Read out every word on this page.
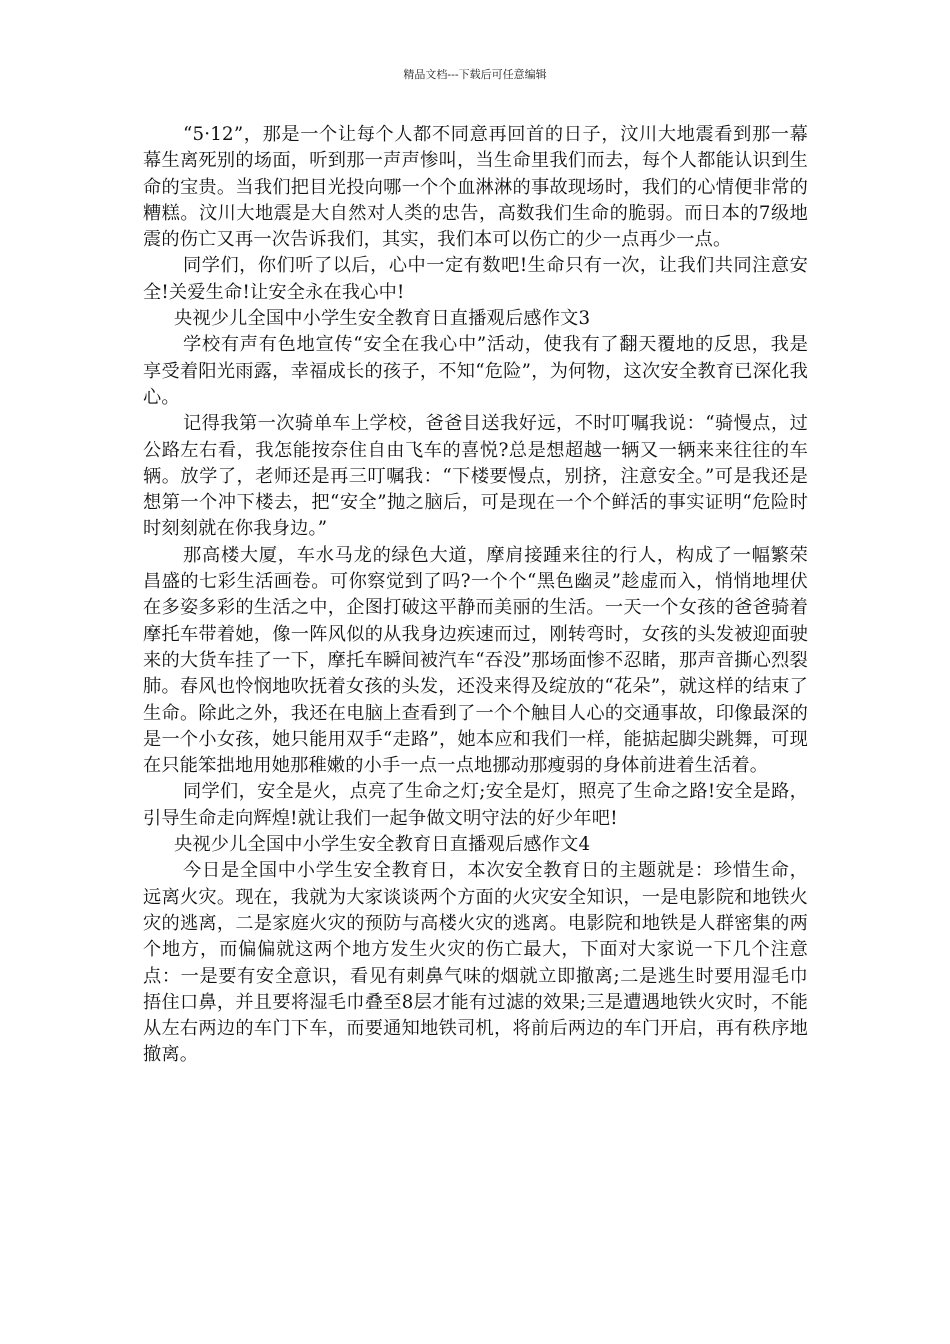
精品文档---下载后可任意编辑

“5·12”，那是一个让每个人都不同意再回首的日子，汶川大地震看到那一幕幕生离死别的场面，听到那一声声惨叫，当生命里我们而去，每个人都能认识到生命的宝贵。当我们把目光投向哪一个个血淋淋的事故现场时，我们的心情便非常的糟糕。汶川大地震是大自然对人类的忠告，高数我们生命的脆弱。而日本的7级地震的伤亡又再一次告诉我们，其实，我们本可以伤亡的少一点再少一点。

同学们，你们听了以后，心中一定有数吧!生命只有一次，让我们共同注意安全!关爱生命!让安全永在我心中!

央视少儿全国中小学生安全教育日直播观后感作文3

学校有声有色地宣传“安全在我心中”活动，使我有了翻天覆地的反思，我是享受着阳光雨露，幸福成长的孩子，不知“危险”，为何物，这次安全教育已深化我心。

记得我第一次骑单车上学校，爸爸目送我好远，不时叮嘱我说：“骑慢点，过公路左右看，我怎能按奈住自由飞车的喜悦?总是想超越一辆又一辆来来往往的车辆。放学了，老师还是再三叮嘱我：“下楼要慢点，别挤，注意安全。”可是我还是想第一个冲下楼去，把“安全”抛之脑后，可是现在一个个鲜活的事实证明“危险时时刻刻就在你我身边。”

那高楼大厦，车水马龙的绿色大道，摩肩接踵来往的行人，构成了一幅繁荣昌盛的七彩生活画卷。可你察觉到了吗?一个个“黑色幽灵”趁虚而入，悄悄地埋伏在多姿多彩的生活之中，企图打破这平静而美丽的生活。一天一个女孩的爸爸骑着摩托车带着她，像一阵风似的从我身边疾速而过，刚转弯时，女孩的头发被迎面驶来的大货车挂了一下，摩托车瞬间被汽车“吞没”那场面惨不忍睹，那声音撕心烈裂肺。春风也怜悯地吹抚着女孩的头发，还没来得及绽放的“花朵”，就这样的结束了生命。除此之外，我还在电脑上查看到了一个个触目人心的交通事故，印像最深的是一个小女孩，她只能用双手“走路”，她本应和我们一样，能掂起脚尖跳舞，可现在只能笨拙地用她那稚嫩的小手一点一点地挪动那瘦弱的身体前进着生活着。

同学们，安全是火，点亮了生命之灯;安全是灯，照亮了生命之路!安全是路，引导生命走向辉煌!就让我们一起争做文明守法的好少年吧!

央视少儿全国中小学生安全教育日直播观后感作文4

今日是全国中小学生安全教育日，本次安全教育日的主题就是：珍惜生命，远离火灾。现在，我就为大家谈谈两个方面的火灾安全知识，一是电影院和地铁火灾的逃离，二是家庭火灾的预防与高楼火灾的逃离。电影院和地铁是人群密集的两个地方，而偏偏就这两个地方发生火灾的伤亡最大，下面对大家说一下几个注意点：一是要有安全意识，看见有刺鼻气味的烟就立即撤离;二是逃生时要用湿毛巾捂住口鼻，并且要将湿毛巾叠至8层才能有过滤的效果;三是遭遇地铁火灾时，不能从左右两边的车门下车，而要通知地铁司机，将前后两边的车门开启，再有秩序地撤离。
